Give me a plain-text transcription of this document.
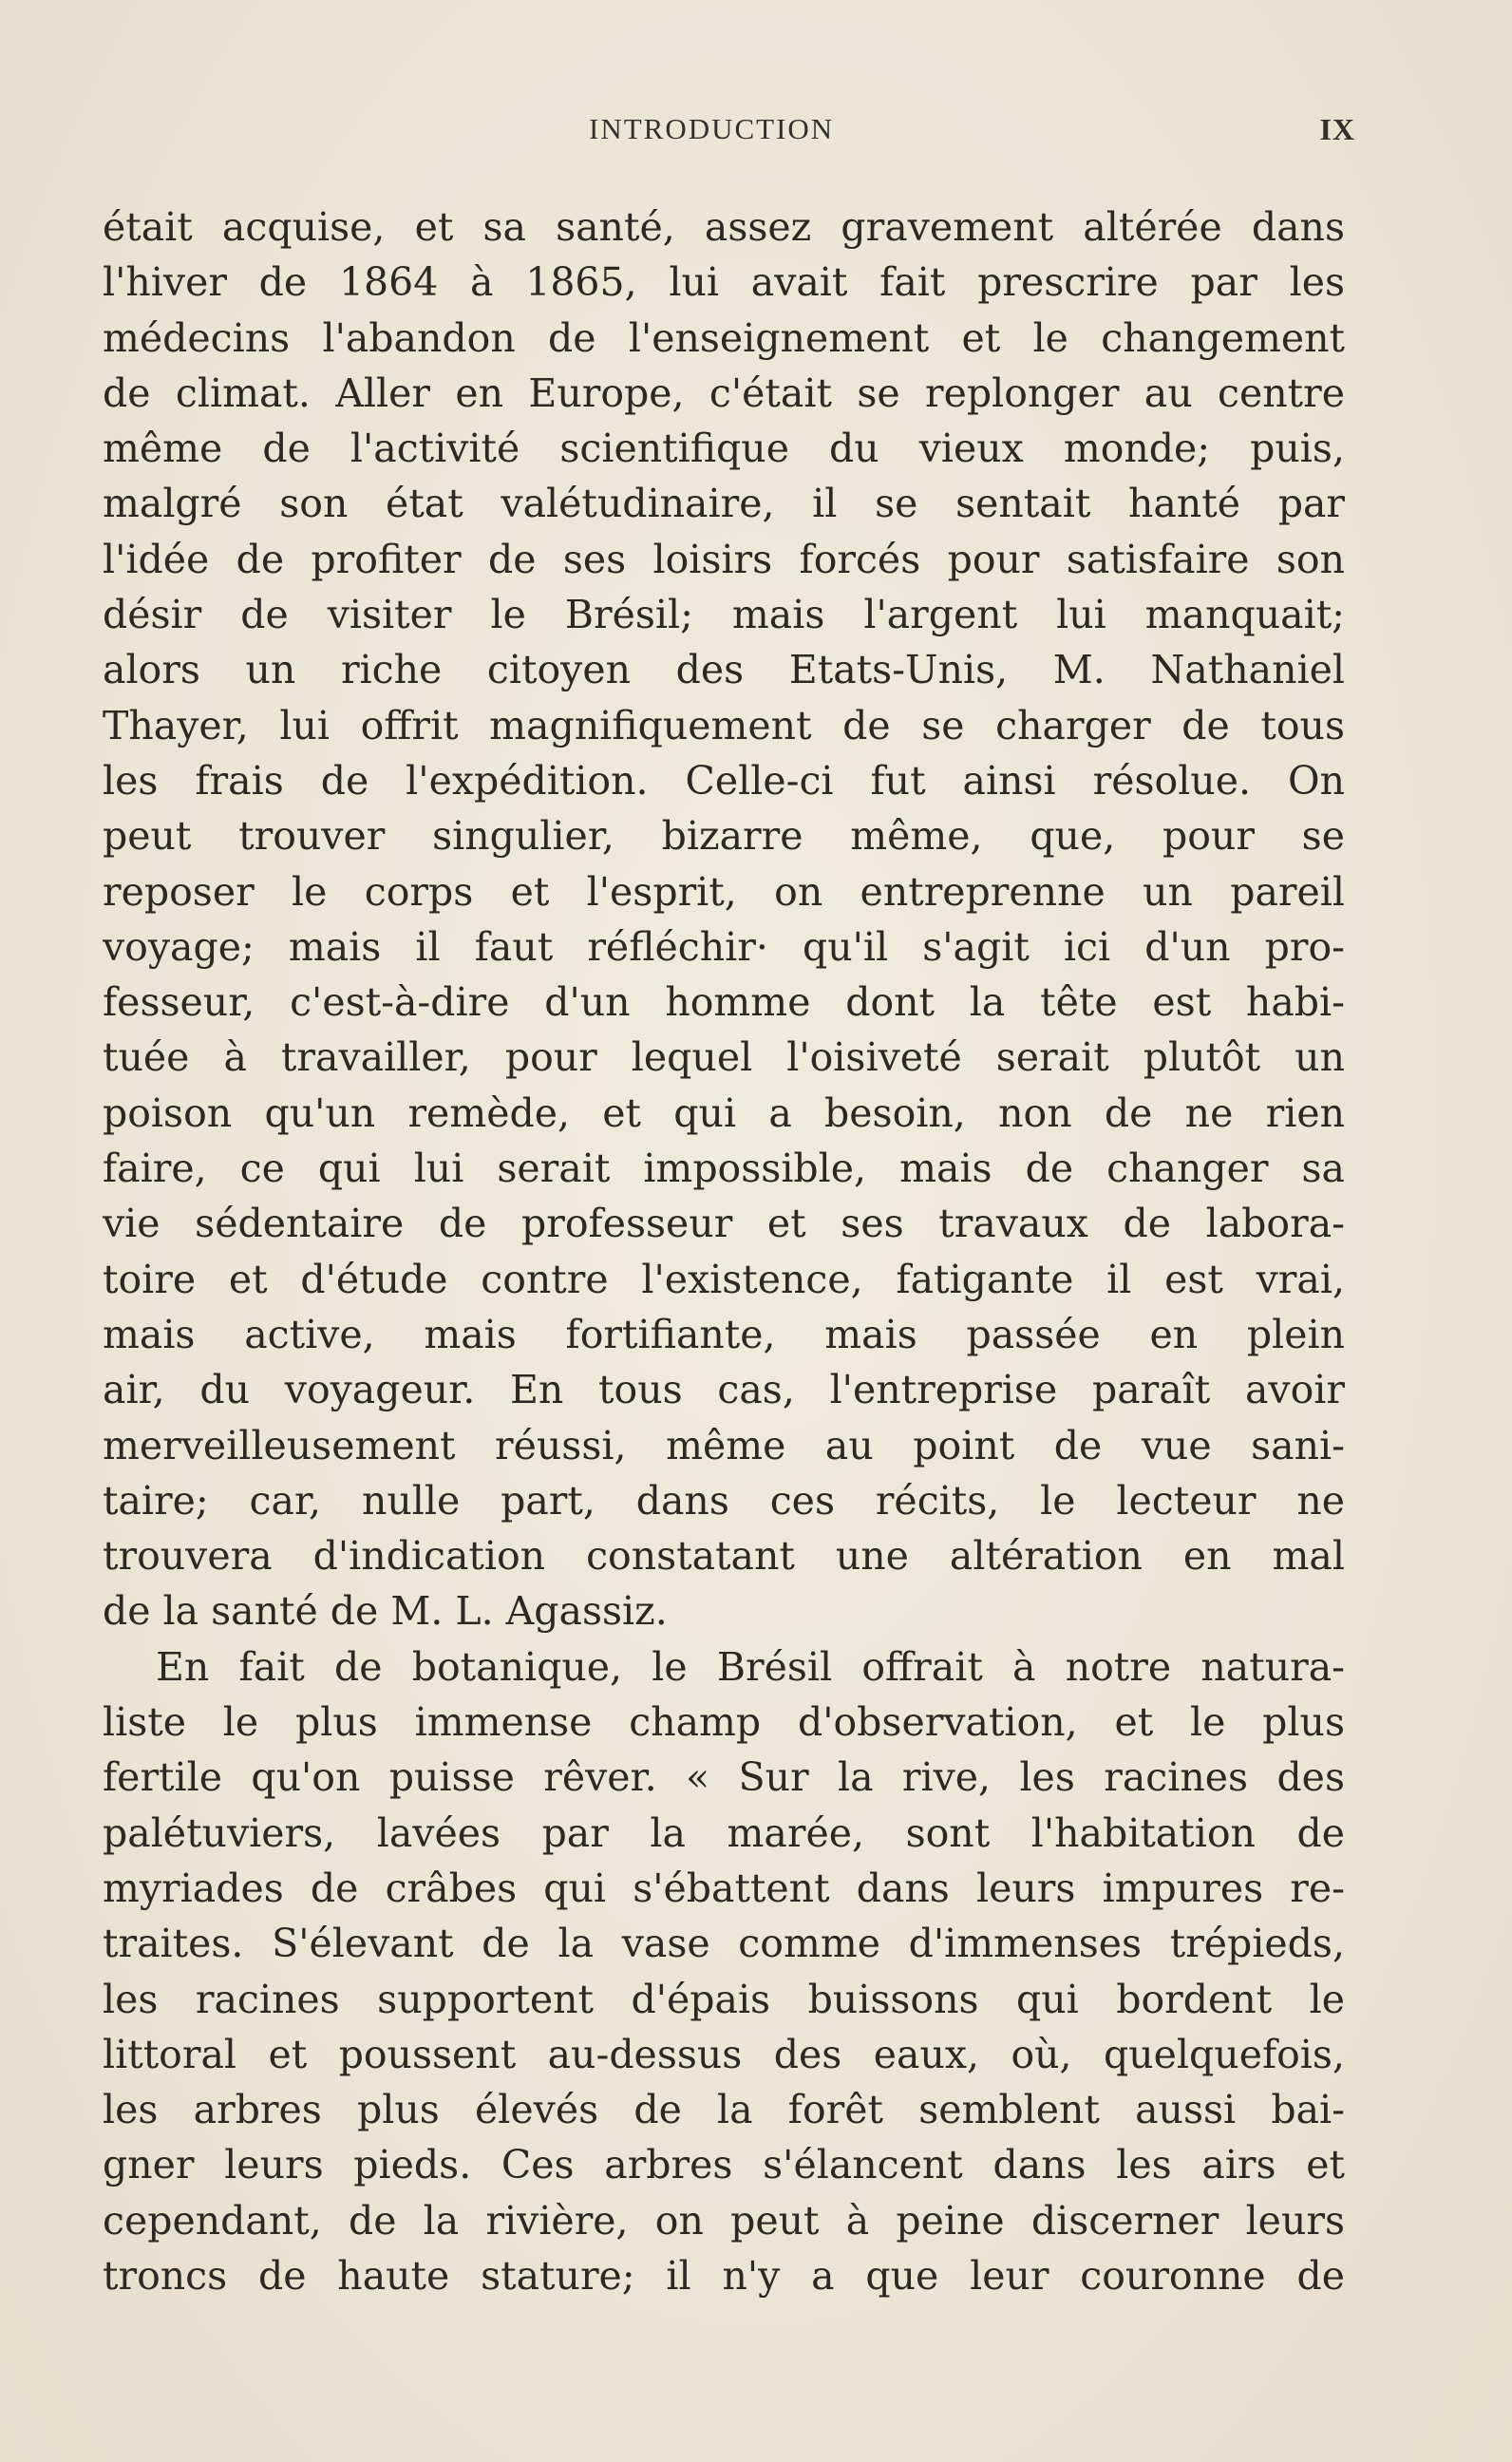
INTRODUCTION	IX
était acquise, et sa santé, assez gravement altérée dans
l'hiver de 1864 à 1865, lui avait fait prescrire par les
médecins l'abandon de l'enseignement et le changement
de climat. Aller en Europe, c'était se replonger au centre
même de l'activité scientifique du vieux monde; puis,
malgré son état valétudinaire, il se sentait hanté par
l'idée de profiter de ses loisirs forcés pour satisfaire son
désir de visiter le Brésil; mais l'argent lui manquait;
alors un riche citoyen des Etats-Unis, M. Nathaniel
Thayer, lui offrit magnifiquement de se charger de tous
les frais de l'expédition. Celle-ci fut ainsi résolue. On
peut trouver singulier, bizarre même, que, pour se
reposer le corps et l'esprit, on entreprenne un pareil
voyage; mais il faut réfléchir· qu'il s'agit ici d'un pro-
fesseur, c'est-à-dire d'un homme dont la tête est habi-
tuée à travailler, pour lequel l'oisiveté serait plutôt un
poison qu'un remède, et qui a besoin, non de ne rien
faire, ce qui lui serait impossible, mais de changer sa
vie sédentaire de professeur et ses travaux de labora-
toire et d'étude contre l'existence, fatigante il est vrai,
mais active, mais fortifiante, mais passée en plein
air, du voyageur. En tous cas, l'entreprise paraît avoir
merveilleusement réussi, même au point de vue sani-
taire; car, nulle part, dans ces récits, le lecteur ne
trouvera d'indication constatant une altération en mal
de la santé de M. L. Agassiz.
En fait de botanique, le Brésil offrait à notre natura-
liste le plus immense champ d'observation, et le plus
fertile qu'on puisse rêver. « Sur la rive, les racines des
palétuviers, lavées par la marée, sont l'habitation de
myriades de crâbes qui s'ébattent dans leurs impures re-
traites. S'élevant de la vase comme d'immenses trépieds,
les racines supportent d'épais buissons qui bordent le
littoral et poussent au-dessus des eaux, où, quelquefois,
les arbres plus élevés de la forêt semblent aussi bai-
gner leurs pieds. Ces arbres s'élancent dans les airs et
cependant, de la rivière, on peut à peine discerner leurs
troncs de haute stature; il n'y a que leur couronne de
